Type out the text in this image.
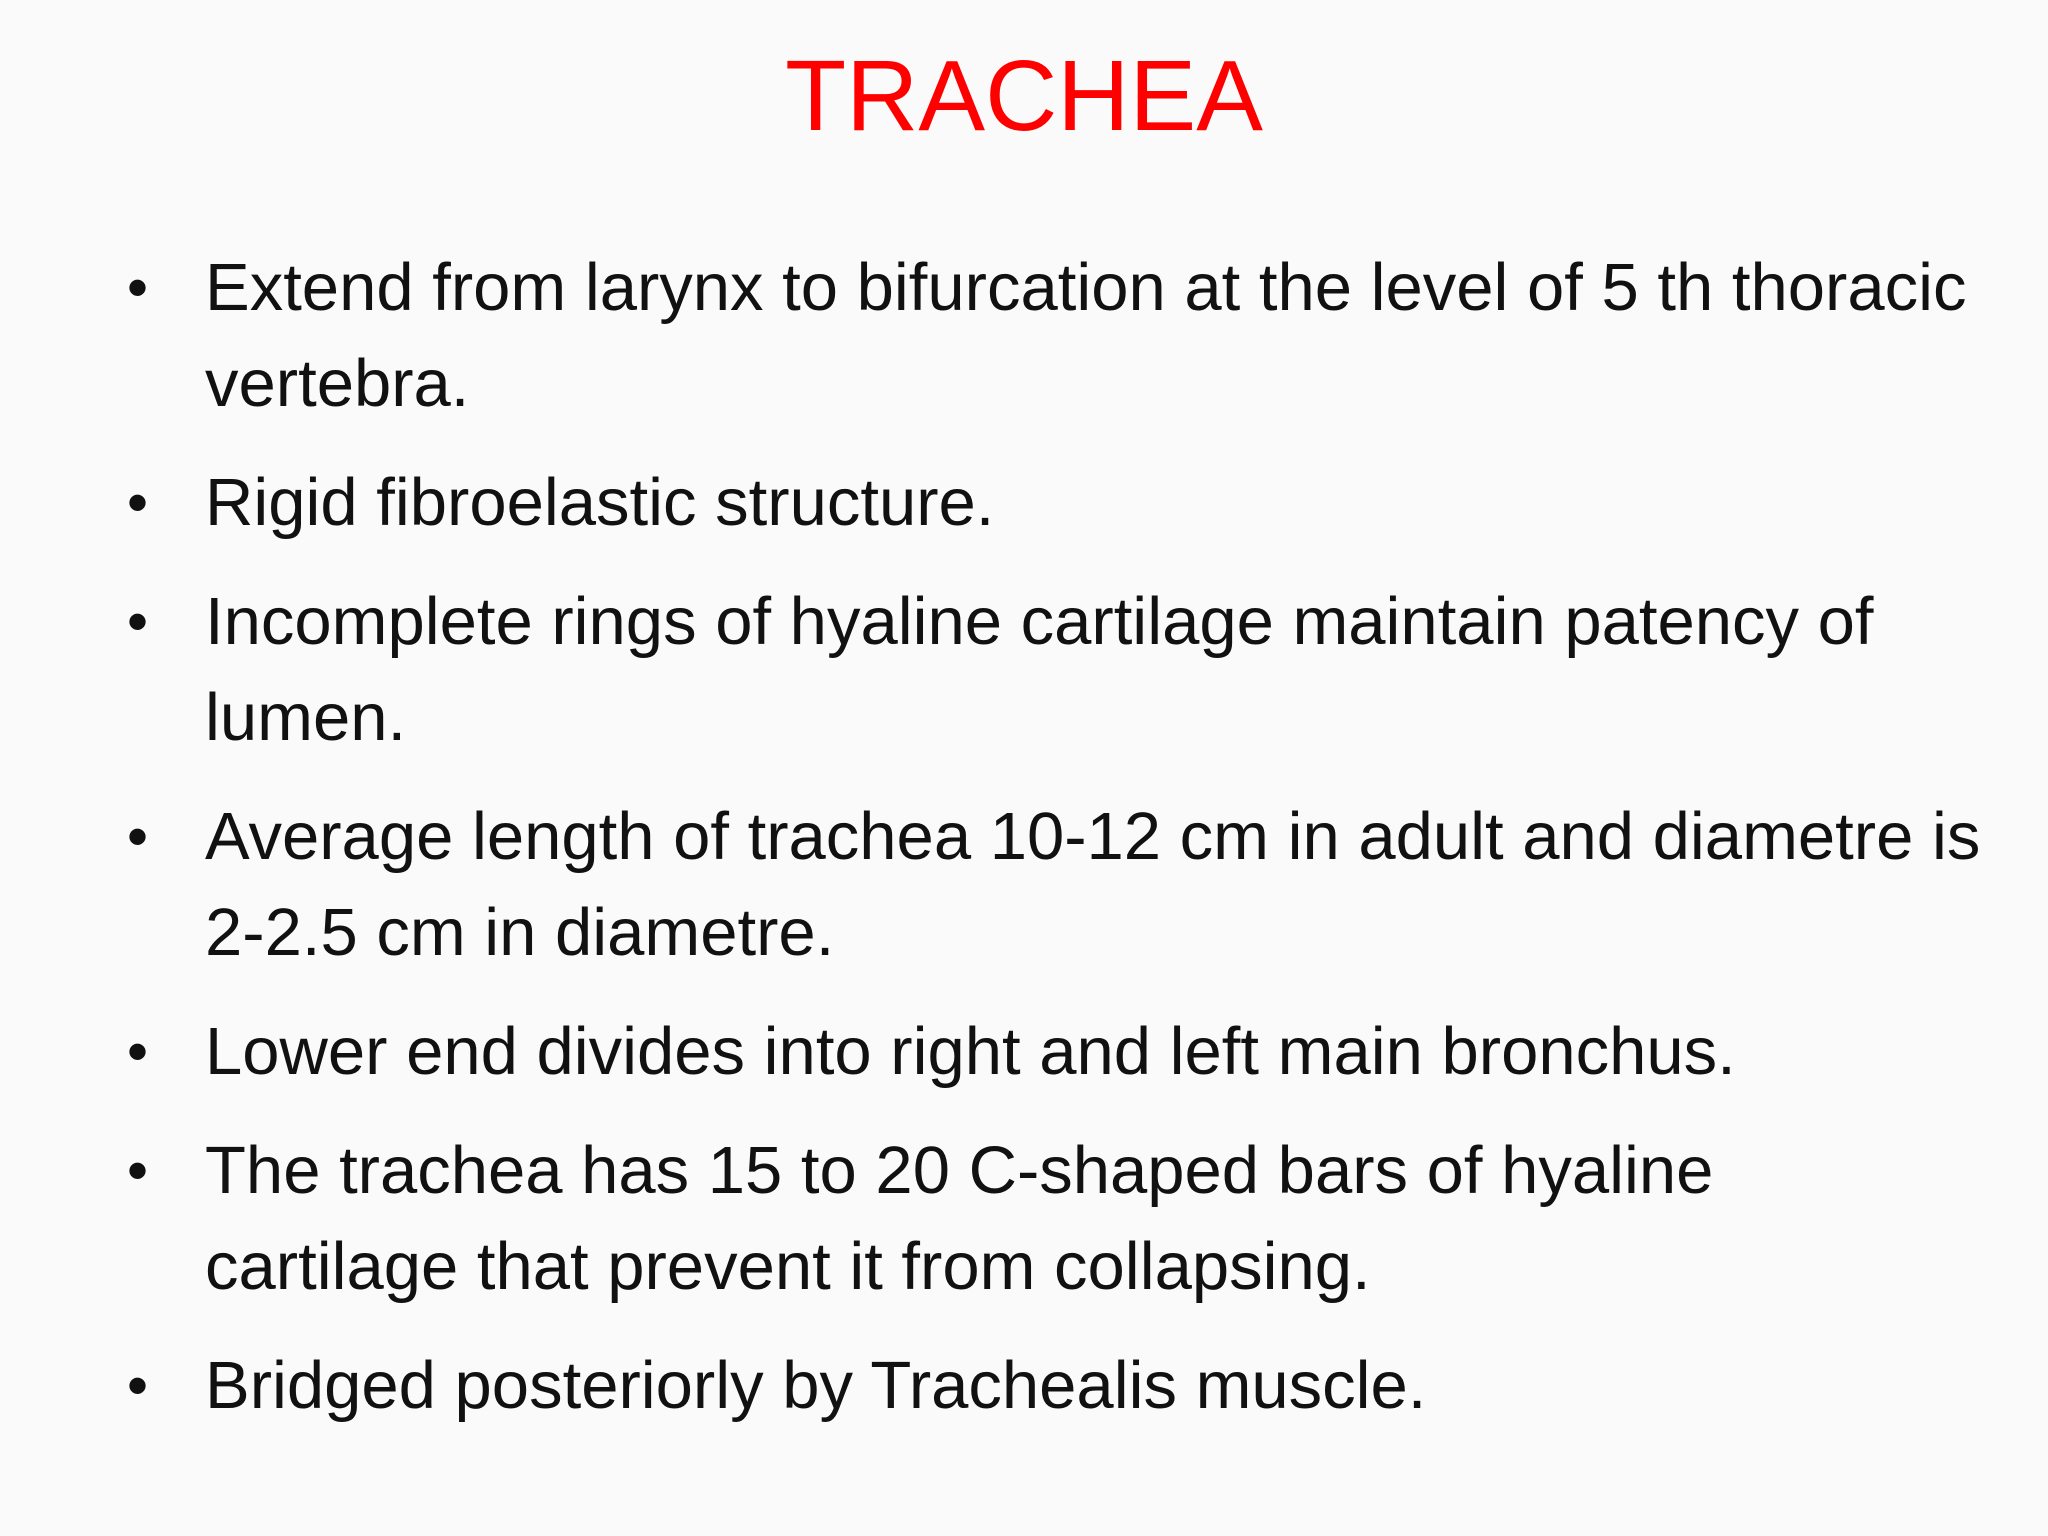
TRACHEA
• Extend from larynx to bifurcation at the level of 5 th thoracic vertebra.
• Rigid fibroelastic structure.
• Incomplete rings of hyaline cartilage maintain patency of lumen.
• Average length of trachea 10-12 cm in adult and diametre is 2-2.5 cm in diametre.
• Lower end divides into right and left main bronchus.
• The trachea has 15 to 20 C-shaped bars of hyaline cartilage that prevent it from collapsing.
• Bridged posteriorly by Trachealis muscle.
